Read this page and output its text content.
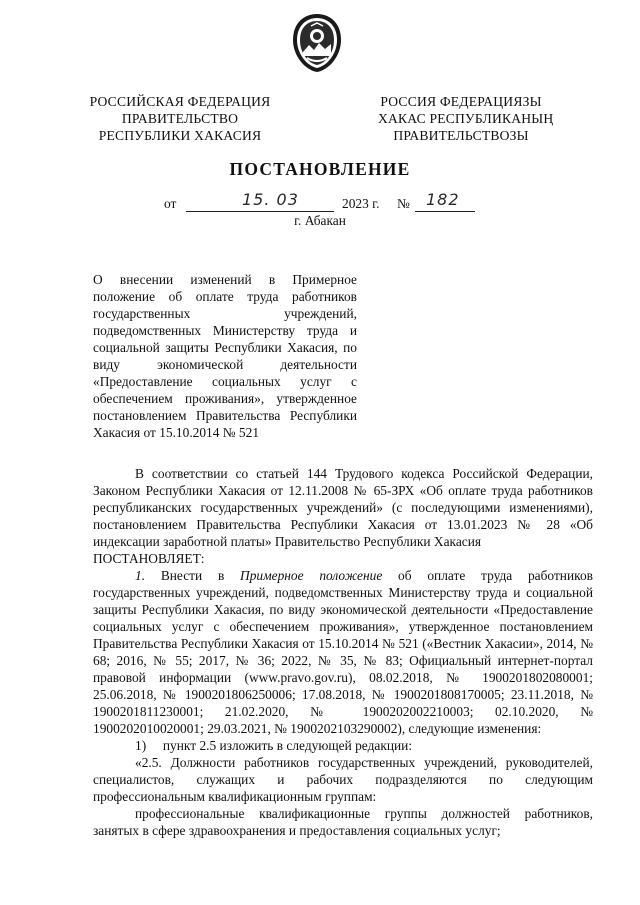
РОССИЙСКАЯ ФЕДЕРАЦИЯ
ПРАВИТЕЛЬСТВО
РЕСПУБЛИКИ ХАКАСИЯ
РОССИЯ ФЕДЕРАЦИЯЗЫ
ХАКАС РЕСПУБЛИКАНЫҢ
ПРАВИТЕЛЬСТВОЗЫ
ПОСТАНОВЛЕНИЕ
от	15. 03	2023 г. № 182
г. Абакан
О внесении изменений в Примерное положение об оплате труда работников государственных учреждений, подведомственных Министерству труда и социальной защиты Республики Хакасия, по виду экономической деятельности «Предоставление социальных услуг с обеспечением проживания», утвержденное постановлением Правительства Республики Хакасия от 15.10.2014 № 521

В соответствии со статьей 144 Трудового кодекса Российской Федерации, Законом Республики Хакасия от 12.11.2008 № 65-ЗРХ «Об оплате труда работников республиканских государственных учреждений» (с последующими изменениями), постановлением Правительства Республики Хакасия от 13.01.2023 № 28 «Об индексации заработной платы» Правительство Республики Хакасия

ПОСТАНОВЛЯЕТ:

1. Внести в Примерное положение об оплате труда работников государственных учреждений, подведомственных Министерству труда и социальной защиты Республики Хакасия, по виду экономической деятельности «Предоставление социальных услуг с обеспечением проживания», утвержденное постановлением Правительства Республики Хакасия от 15.10.2014 № 521 («Вестник Хакасии», 2014, № 68; 2016, № 55; 2017, № 36; 2022, № 35, № 83; Официальный интернет-портал правовой информации (www.pravo.gov.ru), 08.02.2018, № 1900201802080001; 25.06.2018, № 1900201806250006; 17.08.2018, № 1900201808170005; 23.11.2018, № 1900201811230001; 21.02.2020, № 1900202002210003; 02.10.2020, № 1900202010020001; 29.03.2021, № 1900202103290002), следующие изменения:

1)     пункт 2.5 изложить в следующей редакции:

«2.5. Должности работников государственных учреждений, руководителей, специалистов, служащих и рабочих подразделяются по следующим профессиональным квалификационным группам:

профессиональные квалификационные группы должностей работников, занятых в сфере здравоохранения и предоставления социальных услуг;
